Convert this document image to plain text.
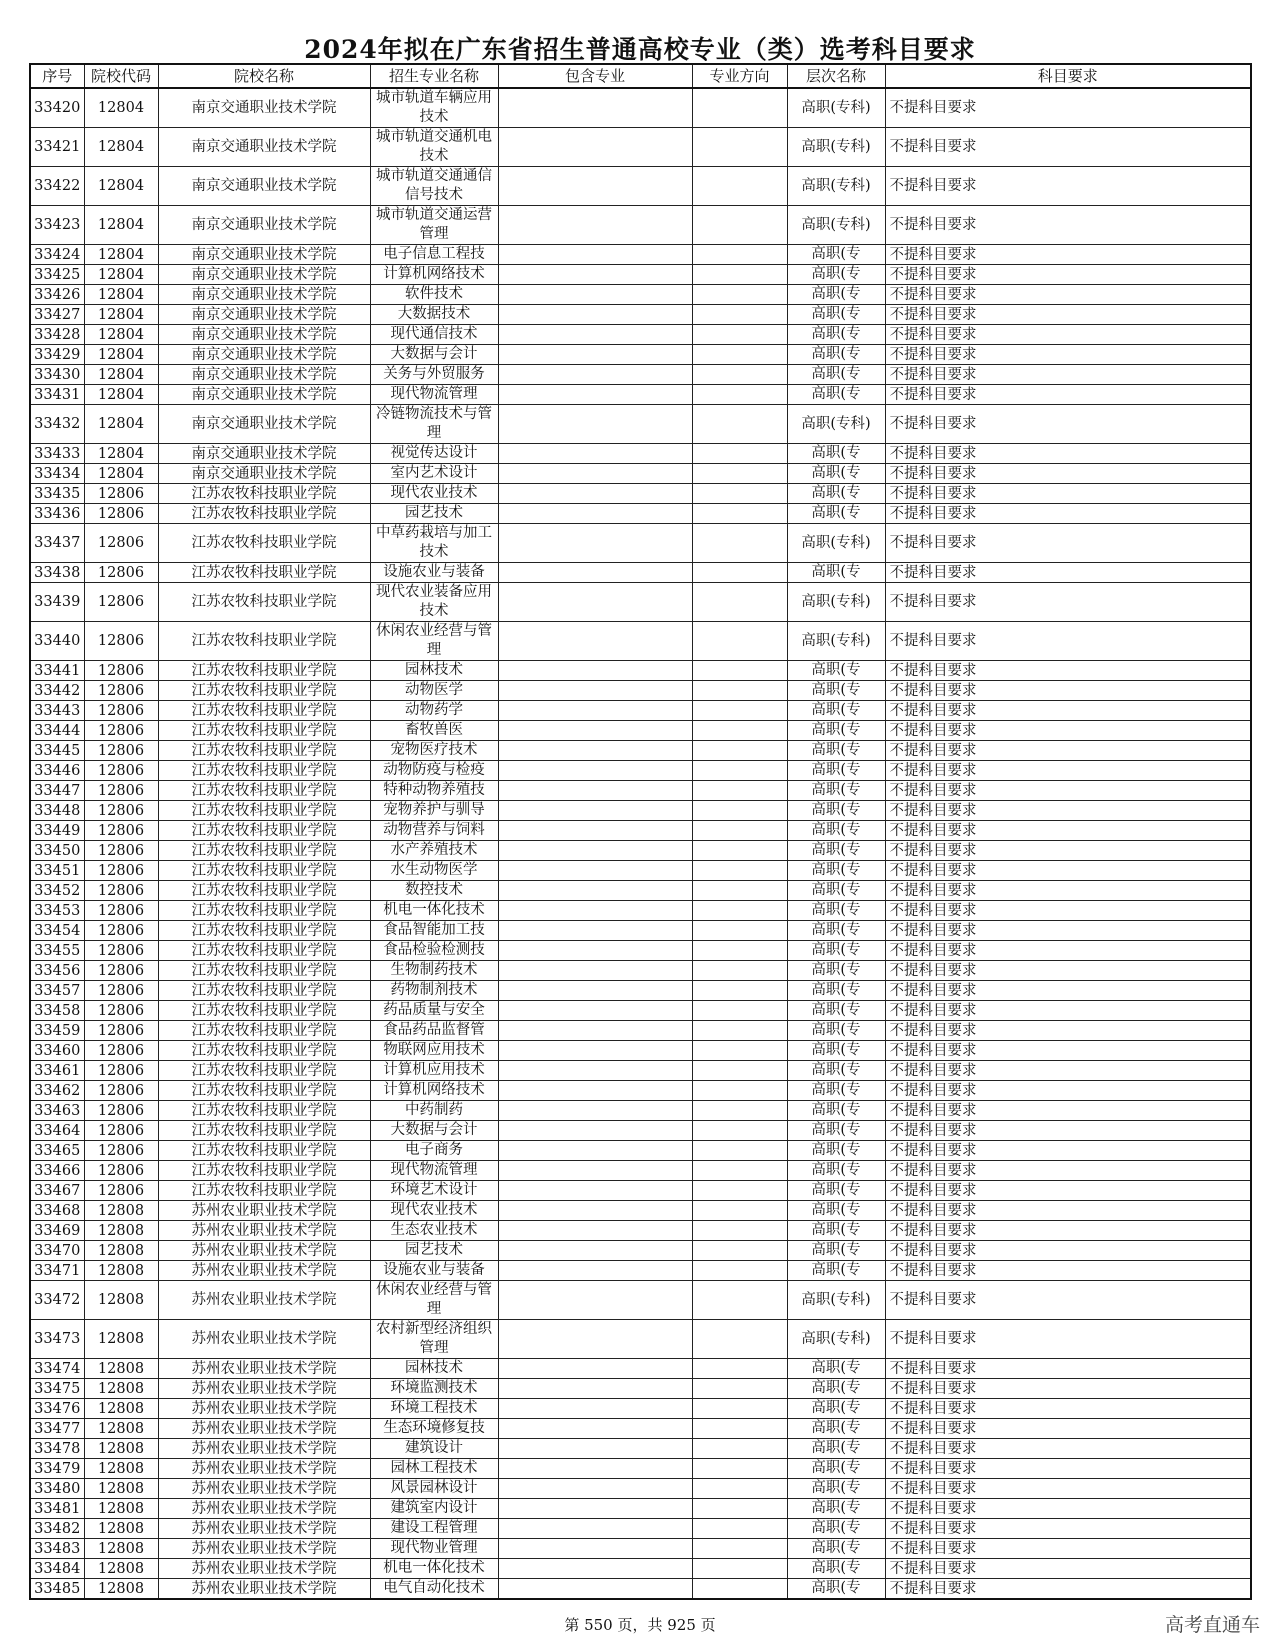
2024年拟在广东省招生普通高校专业（类）选考科目要求
序号	院校代码	院校名称	招生专业名称	包含专业	专业方向	层次名称	科目要求
33420	12804	南京交通职业技术学院	城市轨道车辆应用技术			高职(专科)	不提科目要求
33421	12804	南京交通职业技术学院	城市轨道交通机电技术			高职(专科)	不提科目要求
33422	12804	南京交通职业技术学院	城市轨道交通通信信号技术			高职(专科)	不提科目要求
33423	12804	南京交通职业技术学院	城市轨道交通运营管理			高职(专科)	不提科目要求
33424	12804	南京交通职业技术学院	电子信息工程技			高职(专	不提科目要求
33425	12804	南京交通职业技术学院	计算机网络技术			高职(专	不提科目要求
33426	12804	南京交通职业技术学院	软件技术			高职(专	不提科目要求
33427	12804	南京交通职业技术学院	大数据技术			高职(专	不提科目要求
33428	12804	南京交通职业技术学院	现代通信技术			高职(专	不提科目要求
33429	12804	南京交通职业技术学院	大数据与会计			高职(专	不提科目要求
33430	12804	南京交通职业技术学院	关务与外贸服务			高职(专	不提科目要求
33431	12804	南京交通职业技术学院	现代物流管理			高职(专	不提科目要求
33432	12804	南京交通职业技术学院	冷链物流技术与管理			高职(专科)	不提科目要求
33433	12804	南京交通职业技术学院	视觉传达设计			高职(专	不提科目要求
33434	12804	南京交通职业技术学院	室内艺术设计			高职(专	不提科目要求
33435	12806	江苏农牧科技职业学院	现代农业技术			高职(专	不提科目要求
33436	12806	江苏农牧科技职业学院	园艺技术			高职(专	不提科目要求
33437	12806	江苏农牧科技职业学院	中草药栽培与加工技术			高职(专科)	不提科目要求
33438	12806	江苏农牧科技职业学院	设施农业与装备			高职(专	不提科目要求
33439	12806	江苏农牧科技职业学院	现代农业装备应用技术			高职(专科)	不提科目要求
33440	12806	江苏农牧科技职业学院	休闲农业经营与管理			高职(专科)	不提科目要求
33441	12806	江苏农牧科技职业学院	园林技术			高职(专	不提科目要求
33442	12806	江苏农牧科技职业学院	动物医学			高职(专	不提科目要求
33443	12806	江苏农牧科技职业学院	动物药学			高职(专	不提科目要求
33444	12806	江苏农牧科技职业学院	畜牧兽医			高职(专	不提科目要求
33445	12806	江苏农牧科技职业学院	宠物医疗技术			高职(专	不提科目要求
33446	12806	江苏农牧科技职业学院	动物防疫与检疫			高职(专	不提科目要求
33447	12806	江苏农牧科技职业学院	特种动物养殖技			高职(专	不提科目要求
33448	12806	江苏农牧科技职业学院	宠物养护与驯导			高职(专	不提科目要求
33449	12806	江苏农牧科技职业学院	动物营养与饲料			高职(专	不提科目要求
33450	12806	江苏农牧科技职业学院	水产养殖技术			高职(专	不提科目要求
33451	12806	江苏农牧科技职业学院	水生动物医学			高职(专	不提科目要求
33452	12806	江苏农牧科技职业学院	数控技术			高职(专	不提科目要求
33453	12806	江苏农牧科技职业学院	机电一体化技术			高职(专	不提科目要求
33454	12806	江苏农牧科技职业学院	食品智能加工技			高职(专	不提科目要求
33455	12806	江苏农牧科技职业学院	食品检验检测技			高职(专	不提科目要求
33456	12806	江苏农牧科技职业学院	生物制药技术			高职(专	不提科目要求
33457	12806	江苏农牧科技职业学院	药物制剂技术			高职(专	不提科目要求
33458	12806	江苏农牧科技职业学院	药品质量与安全			高职(专	不提科目要求
33459	12806	江苏农牧科技职业学院	食品药品监督管			高职(专	不提科目要求
33460	12806	江苏农牧科技职业学院	物联网应用技术			高职(专	不提科目要求
33461	12806	江苏农牧科技职业学院	计算机应用技术			高职(专	不提科目要求
33462	12806	江苏农牧科技职业学院	计算机网络技术			高职(专	不提科目要求
33463	12806	江苏农牧科技职业学院	中药制药			高职(专	不提科目要求
33464	12806	江苏农牧科技职业学院	大数据与会计			高职(专	不提科目要求
33465	12806	江苏农牧科技职业学院	电子商务			高职(专	不提科目要求
33466	12806	江苏农牧科技职业学院	现代物流管理			高职(专	不提科目要求
33467	12806	江苏农牧科技职业学院	环境艺术设计			高职(专	不提科目要求
33468	12808	苏州农业职业技术学院	现代农业技术			高职(专	不提科目要求
33469	12808	苏州农业职业技术学院	生态农业技术			高职(专	不提科目要求
33470	12808	苏州农业职业技术学院	园艺技术			高职(专	不提科目要求
33471	12808	苏州农业职业技术学院	设施农业与装备			高职(专	不提科目要求
33472	12808	苏州农业职业技术学院	休闲农业经营与管理			高职(专科)	不提科目要求
33473	12808	苏州农业职业技术学院	农村新型经济组织管理			高职(专科)	不提科目要求
33474	12808	苏州农业职业技术学院	园林技术			高职(专	不提科目要求
33475	12808	苏州农业职业技术学院	环境监测技术			高职(专	不提科目要求
33476	12808	苏州农业职业技术学院	环境工程技术			高职(专	不提科目要求
33477	12808	苏州农业职业技术学院	生态环境修复技			高职(专	不提科目要求
33478	12808	苏州农业职业技术学院	建筑设计			高职(专	不提科目要求
33479	12808	苏州农业职业技术学院	园林工程技术			高职(专	不提科目要求
33480	12808	苏州农业职业技术学院	风景园林设计			高职(专	不提科目要求
33481	12808	苏州农业职业技术学院	建筑室内设计			高职(专	不提科目要求
33482	12808	苏州农业职业技术学院	建设工程管理			高职(专	不提科目要求
33483	12808	苏州农业职业技术学院	现代物业管理			高职(专	不提科目要求
33484	12808	苏州农业职业技术学院	机电一体化技术			高职(专	不提科目要求
33485	12808	苏州农业职业技术学院	电气自动化技术			高职(专	不提科目要求
第 550 页，共 925 页	高考直通车
